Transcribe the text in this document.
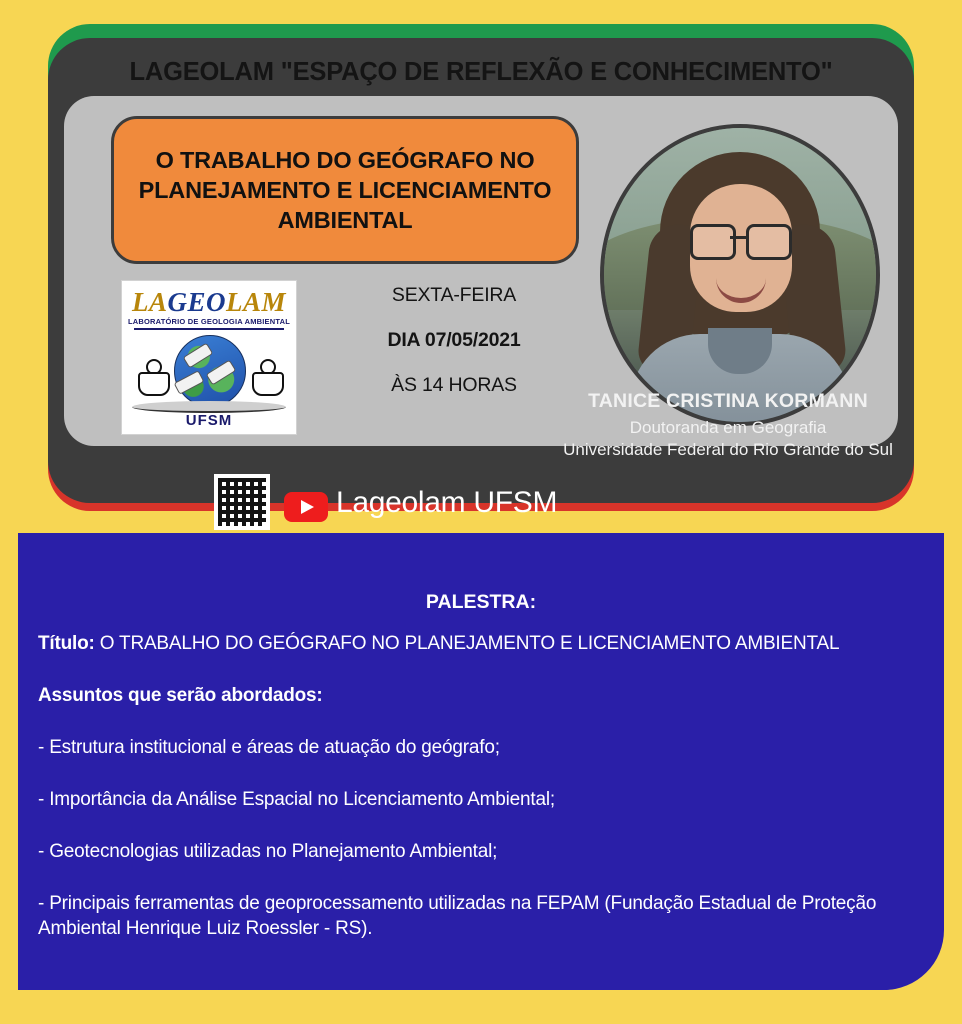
LAGEOLAM "ESPAÇO DE REFLEXÃO E CONHECIMENTO"

O TRABALHO DO GEÓGRAFO NO PLANEJAMENTO E LICENCIAMENTO AMBIENTAL

LAGEOLAM
LABORATÓRIO DE GEOLOGIA AMBIENTAL
UFSM
SEXTA-FEIRA
DIA 07/05/2021
ÀS 14 HORAS
TANICE CRISTINA KORMANN
Doutoranda em Geografia
Universidade Federal do Rio Grande do Sul
Lageolam UFSM
PALESTRA:

Título: O TRABALHO DO GEÓGRAFO NO PLANEJAMENTO E LICENCIAMENTO AMBIENTAL

Assuntos que serão abordados:

- Estrutura institucional e áreas de atuação do geógrafo;

- Importância da Análise Espacial no Licenciamento Ambiental;

- Geotecnologias utilizadas no Planejamento Ambiental;

- Principais ferramentas de geoprocessamento utilizadas na FEPAM (Fundação Estadual de Proteção Ambiental Henrique Luiz Roessler - RS).
